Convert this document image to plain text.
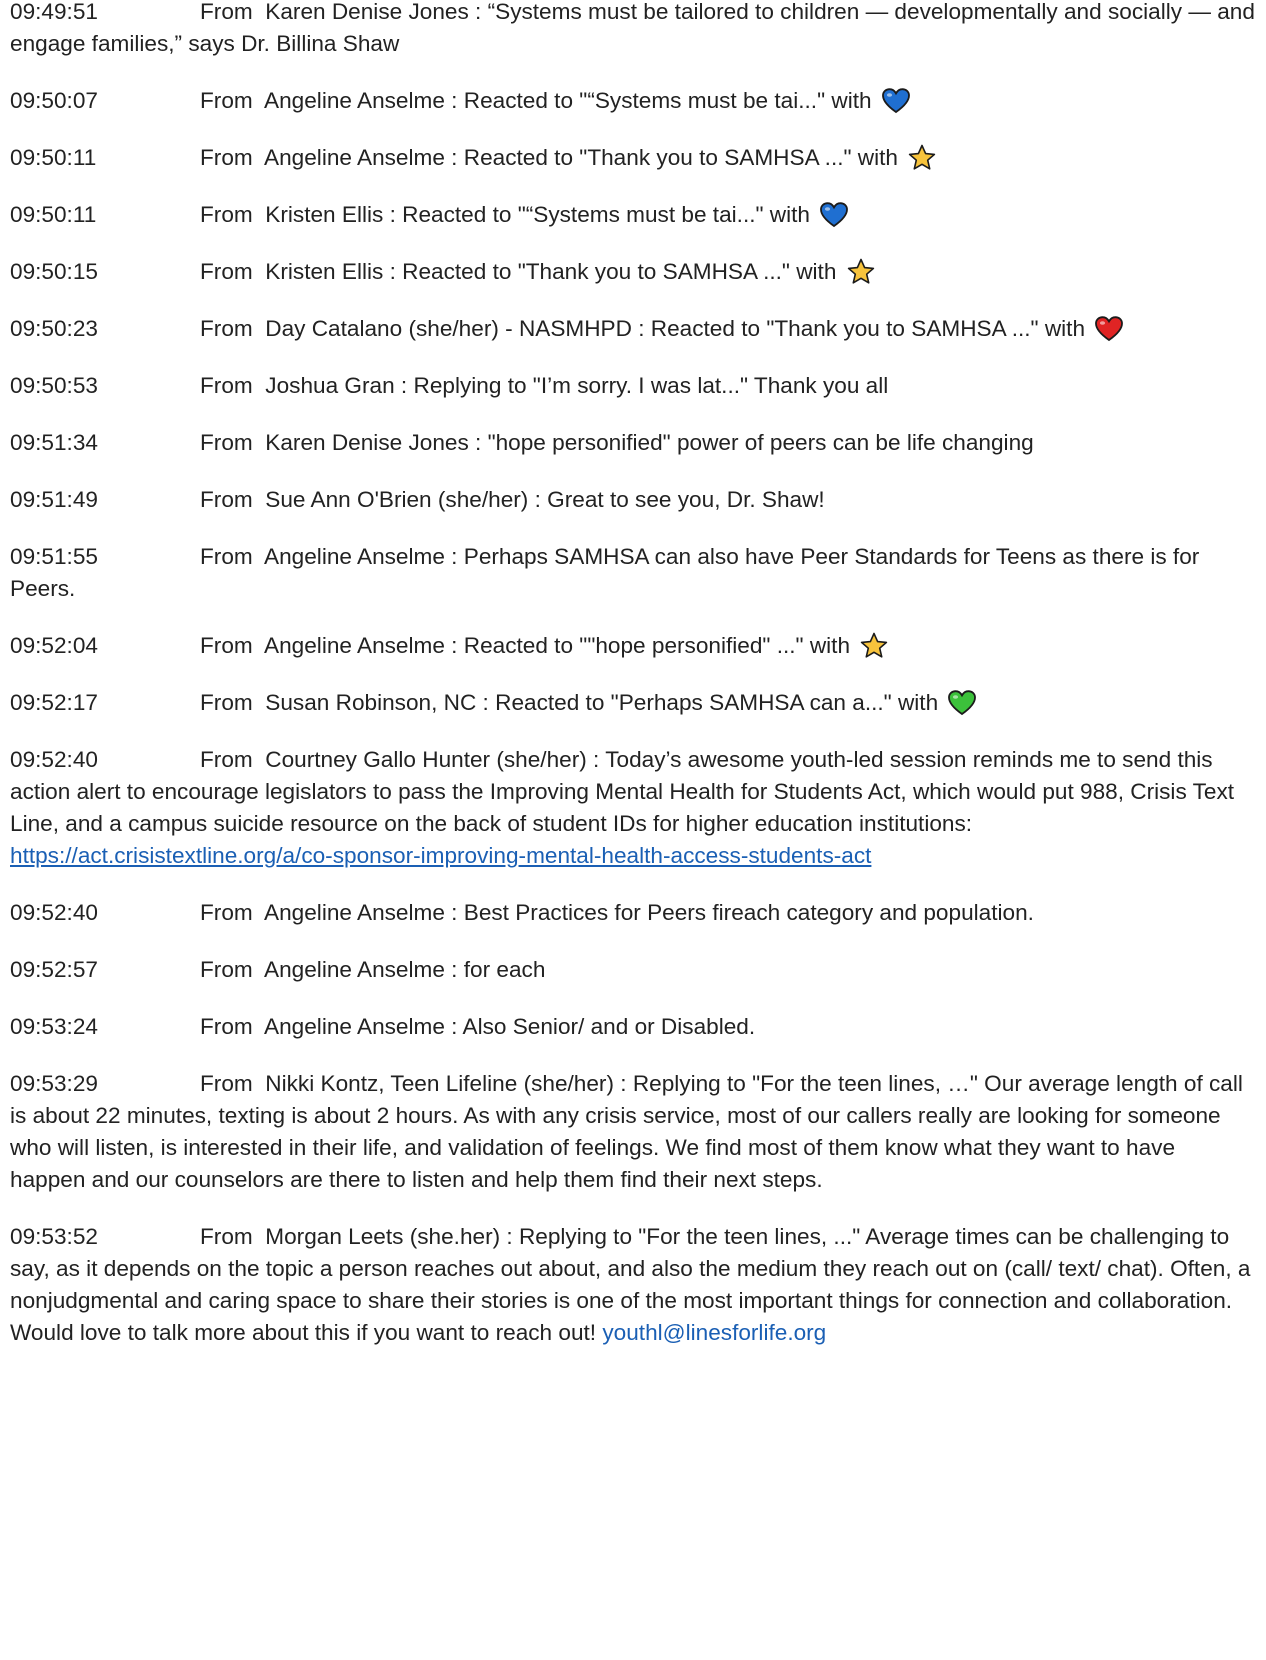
09:49:51	From  Karen Denise Jones : “Systems must be tailored to children — developmentally and socially — and engage families,” says Dr. Billina Shaw
09:50:07	From  Angeline Anselme : Reacted to "“Systems must be tai..." with
09:50:11	From  Angeline Anselme : Reacted to "Thank you to SAMHSA ..." with
09:50:11	From  Kristen Ellis : Reacted to "“Systems must be tai..." with
09:50:15	From  Kristen Ellis : Reacted to "Thank you to SAMHSA ..." with
09:50:23	From  Day Catalano (she/her) - NASMHPD : Reacted to "Thank you to SAMHSA ..." with
09:50:53	From  Joshua Gran : Replying to "I’m sorry. I was lat..." Thank you all
09:51:34	From  Karen Denise Jones : "hope personified" power of peers can be life changing
09:51:49	From  Sue Ann O'Brien (she/her) : Great to see you, Dr. Shaw!
09:51:55	From  Angeline Anselme : Perhaps SAMHSA can also have Peer Standards for Teens as there is for Peers.
09:52:04	From  Angeline Anselme : Reacted to ""hope personified" ..." with
09:52:17	From  Susan Robinson, NC : Reacted to "Perhaps SAMHSA can a..." with
09:52:40	From  Courtney Gallo Hunter (she/her) : Today’s awesome youth-led session reminds me to send this action alert to encourage legislators to pass the Improving Mental Health for Students Act, which would put 988, Crisis Text Line, and a campus suicide resource on the back of student IDs for higher education institutions: https://act.crisistextline.org/a/co-sponsor-improving-mental-health-access-students-act
09:52:40	From  Angeline Anselme : Best Practices for Peers fireach category and population.
09:52:57	From  Angeline Anselme : for each
09:53:24	From  Angeline Anselme : Also Senior/ and or Disabled.
09:53:29	From  Nikki Kontz, Teen Lifeline (she/her) : Replying to "For the teen lines, …" Our average length of call is about 22 minutes, texting is about 2 hours. As with any crisis service, most of our callers really are looking for someone who will listen, is interested in their life, and validation of feelings. We find most of them know what they want to have happen and our counselors are there to listen and help them find their next steps.
09:53:52	From  Morgan Leets (she.her) : Replying to "For the teen lines, ..." Average times can be challenging to say, as it depends on the topic a person reaches out about, and also the medium they reach out on (call/ text/ chat). Often, a nonjudgmental and caring space to share their stories is one of the most important things for connection and collaboration. Would love to talk more about this if you want to reach out! youthl@linesforlife.org
